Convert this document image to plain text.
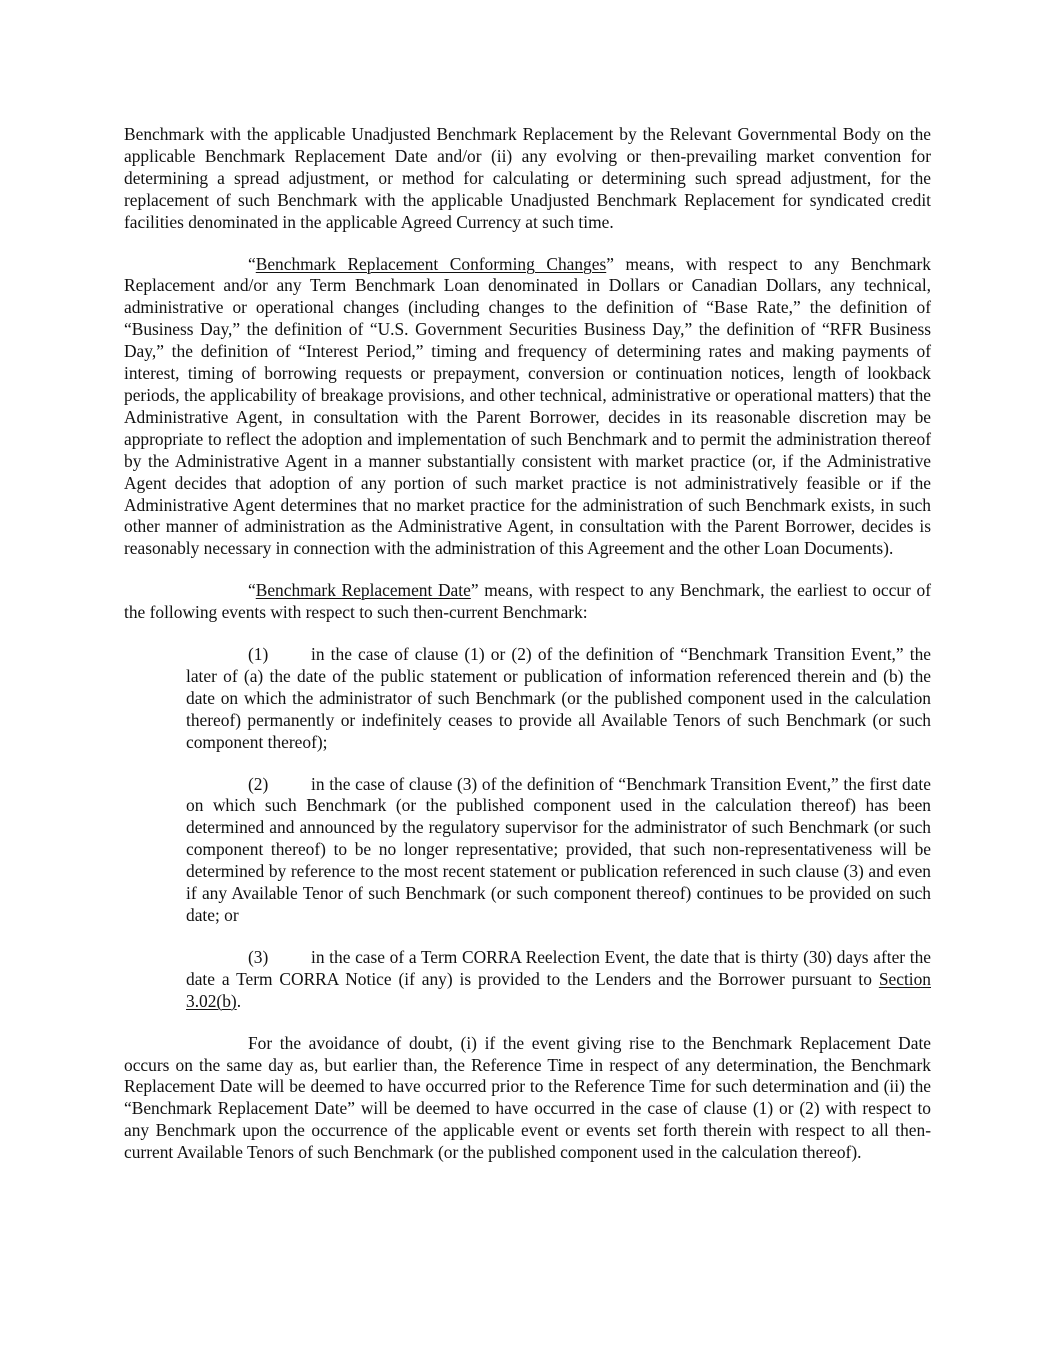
Benchmark with the applicable Unadjusted Benchmark Replacement by the Relevant Governmental Body on the applicable Benchmark Replacement Date and/or (ii) any evolving or then-prevailing market convention for determining a spread adjustment, or method for calculating or determining such spread adjustment, for the replacement of such Benchmark with the applicable Unadjusted Benchmark Replacement for syndicated credit facilities denominated in the applicable Agreed Currency at such time.

“Benchmark Replacement Conforming Changes” means, with respect to any Benchmark Replacement and/or any Term Benchmark Loan denominated in Dollars or Canadian Dollars, any technical, administrative or operational changes (including changes to the definition of “Base Rate,” the definition of “Business Day,” the definition of “U.S. Government Securities Business Day,” the definition of “RFR Business Day,” the definition of “Interest Period,” timing and frequency of determining rates and making payments of interest, timing of borrowing requests or prepayment, conversion or continuation notices, length of lookback periods, the applicability of breakage provisions, and other technical, administrative or operational matters) that the Administrative Agent, in consultation with the Parent Borrower, decides in its reasonable discretion may be appropriate to reflect the adoption and implementation of such Benchmark and to permit the administration thereof by the Administrative Agent in a manner substantially consistent with market practice (or, if the Administrative Agent decides that adoption of any portion of such market practice is not administratively feasible or if the Administrative Agent determines that no market practice for the administration of such Benchmark exists, in such other manner of administration as the Administrative Agent, in consultation with the Parent Borrower, decides is reasonably necessary in connection with the administration of this Agreement and the other Loan Documents).

“Benchmark Replacement Date” means, with respect to any Benchmark, the earliest to occur of the following events with respect to such then-current Benchmark:

(1) in the case of clause (1) or (2) of the definition of “Benchmark Transition Event,” the later of (a) the date of the public statement or publication of information referenced therein and (b) the date on which the administrator of such Benchmark (or the published component used in the calculation thereof) permanently or indefinitely ceases to provide all Available Tenors of such Benchmark (or such component thereof);

(2) in the case of clause (3) of the definition of “Benchmark Transition Event,” the first date on which such Benchmark (or the published component used in the calculation thereof) has been determined and announced by the regulatory supervisor for the administrator of such Benchmark (or such component thereof) to be no longer representative; provided, that such non-representativeness will be determined by reference to the most recent statement or publication referenced in such clause (3) and even if any Available Tenor of such Benchmark (or such component thereof) continues to be provided on such date; or

(3) in the case of a Term CORRA Reelection Event, the date that is thirty (30) days after the date a Term CORRA Notice (if any) is provided to the Lenders and the Borrower pursuant to Section 3.02(b).

For the avoidance of doubt, (i) if the event giving rise to the Benchmark Replacement Date occurs on the same day as, but earlier than, the Reference Time in respect of any determination, the Benchmark Replacement Date will be deemed to have occurred prior to the Reference Time for such determination and (ii) the “Benchmark Replacement Date” will be deemed to have occurred in the case of clause (1) or (2) with respect to any Benchmark upon the occurrence of the applicable event or events set forth therein with respect to all then-current Available Tenors of such Benchmark (or the published component used in the calculation thereof).
